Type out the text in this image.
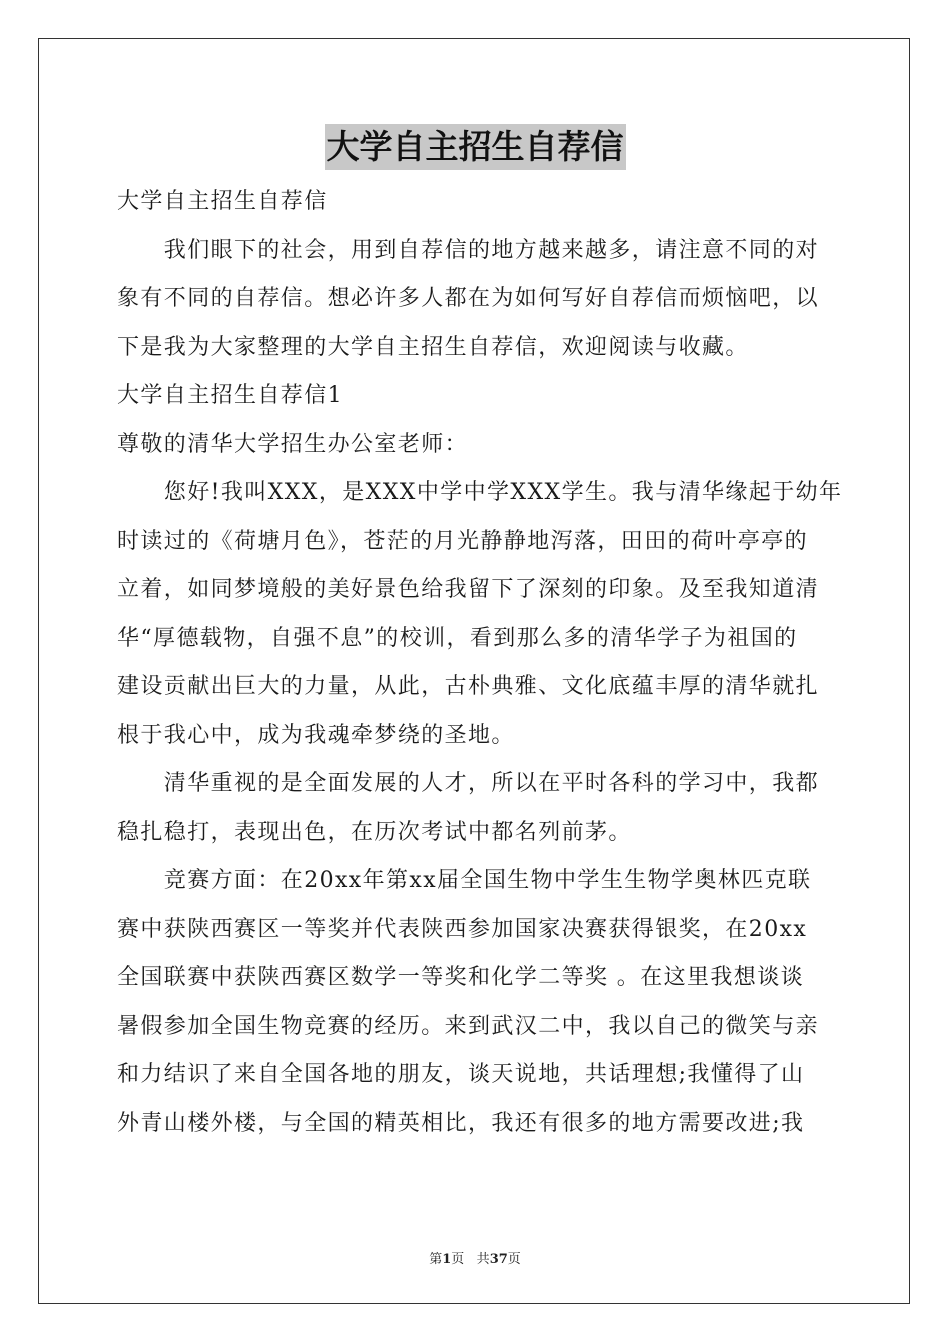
大学自主招生自荐信

大学自主招生自荐信

　　我们眼下的社会，用到自荐信的地方越来越多，请注意不同的对

象有不同的自荐信。想必许多人都在为如何写好自荐信而烦恼吧，以

下是我为大家整理的大学自主招生自荐信，欢迎阅读与收藏。

大学自主招生自荐信1

尊敬的清华大学招生办公室老师：

　　您好!我叫XXX，是XXX中学中学XXX学生。我与清华缘起于幼年

时读过的《荷塘月色》，苍茫的月光静静地泻落，田田的荷叶亭亭的

立着，如同梦境般的美好景色给我留下了深刻的印象。及至我知道清

华“厚德载物，自强不息”的校训，看到那么多的清华学子为祖国的

建设贡献出巨大的力量，从此，古朴典雅、文化底蕴丰厚的清华就扎

根于我心中，成为我魂牵梦绕的圣地。

　　清华重视的是全面发展的人才，所以在平时各科的学习中，我都

稳扎稳打，表现出色，在历次考试中都名列前茅。

　　竞赛方面：在20xx年第xx届全国生物中学生生物学奥林匹克联

赛中获陕西赛区一等奖并代表陕西参加国家决赛获得银奖，在20xx

全国联赛中获陕西赛区数学一等奖和化学二等奖 。在这里我想谈谈

暑假参加全国生物竞赛的经历。来到武汉二中，我以自己的微笑与亲

和力结识了来自全国各地的朋友，谈天说地，共话理想;我懂得了山

外青山楼外楼，与全国的精英相比，我还有很多的地方需要改进;我

第1页 共37页
